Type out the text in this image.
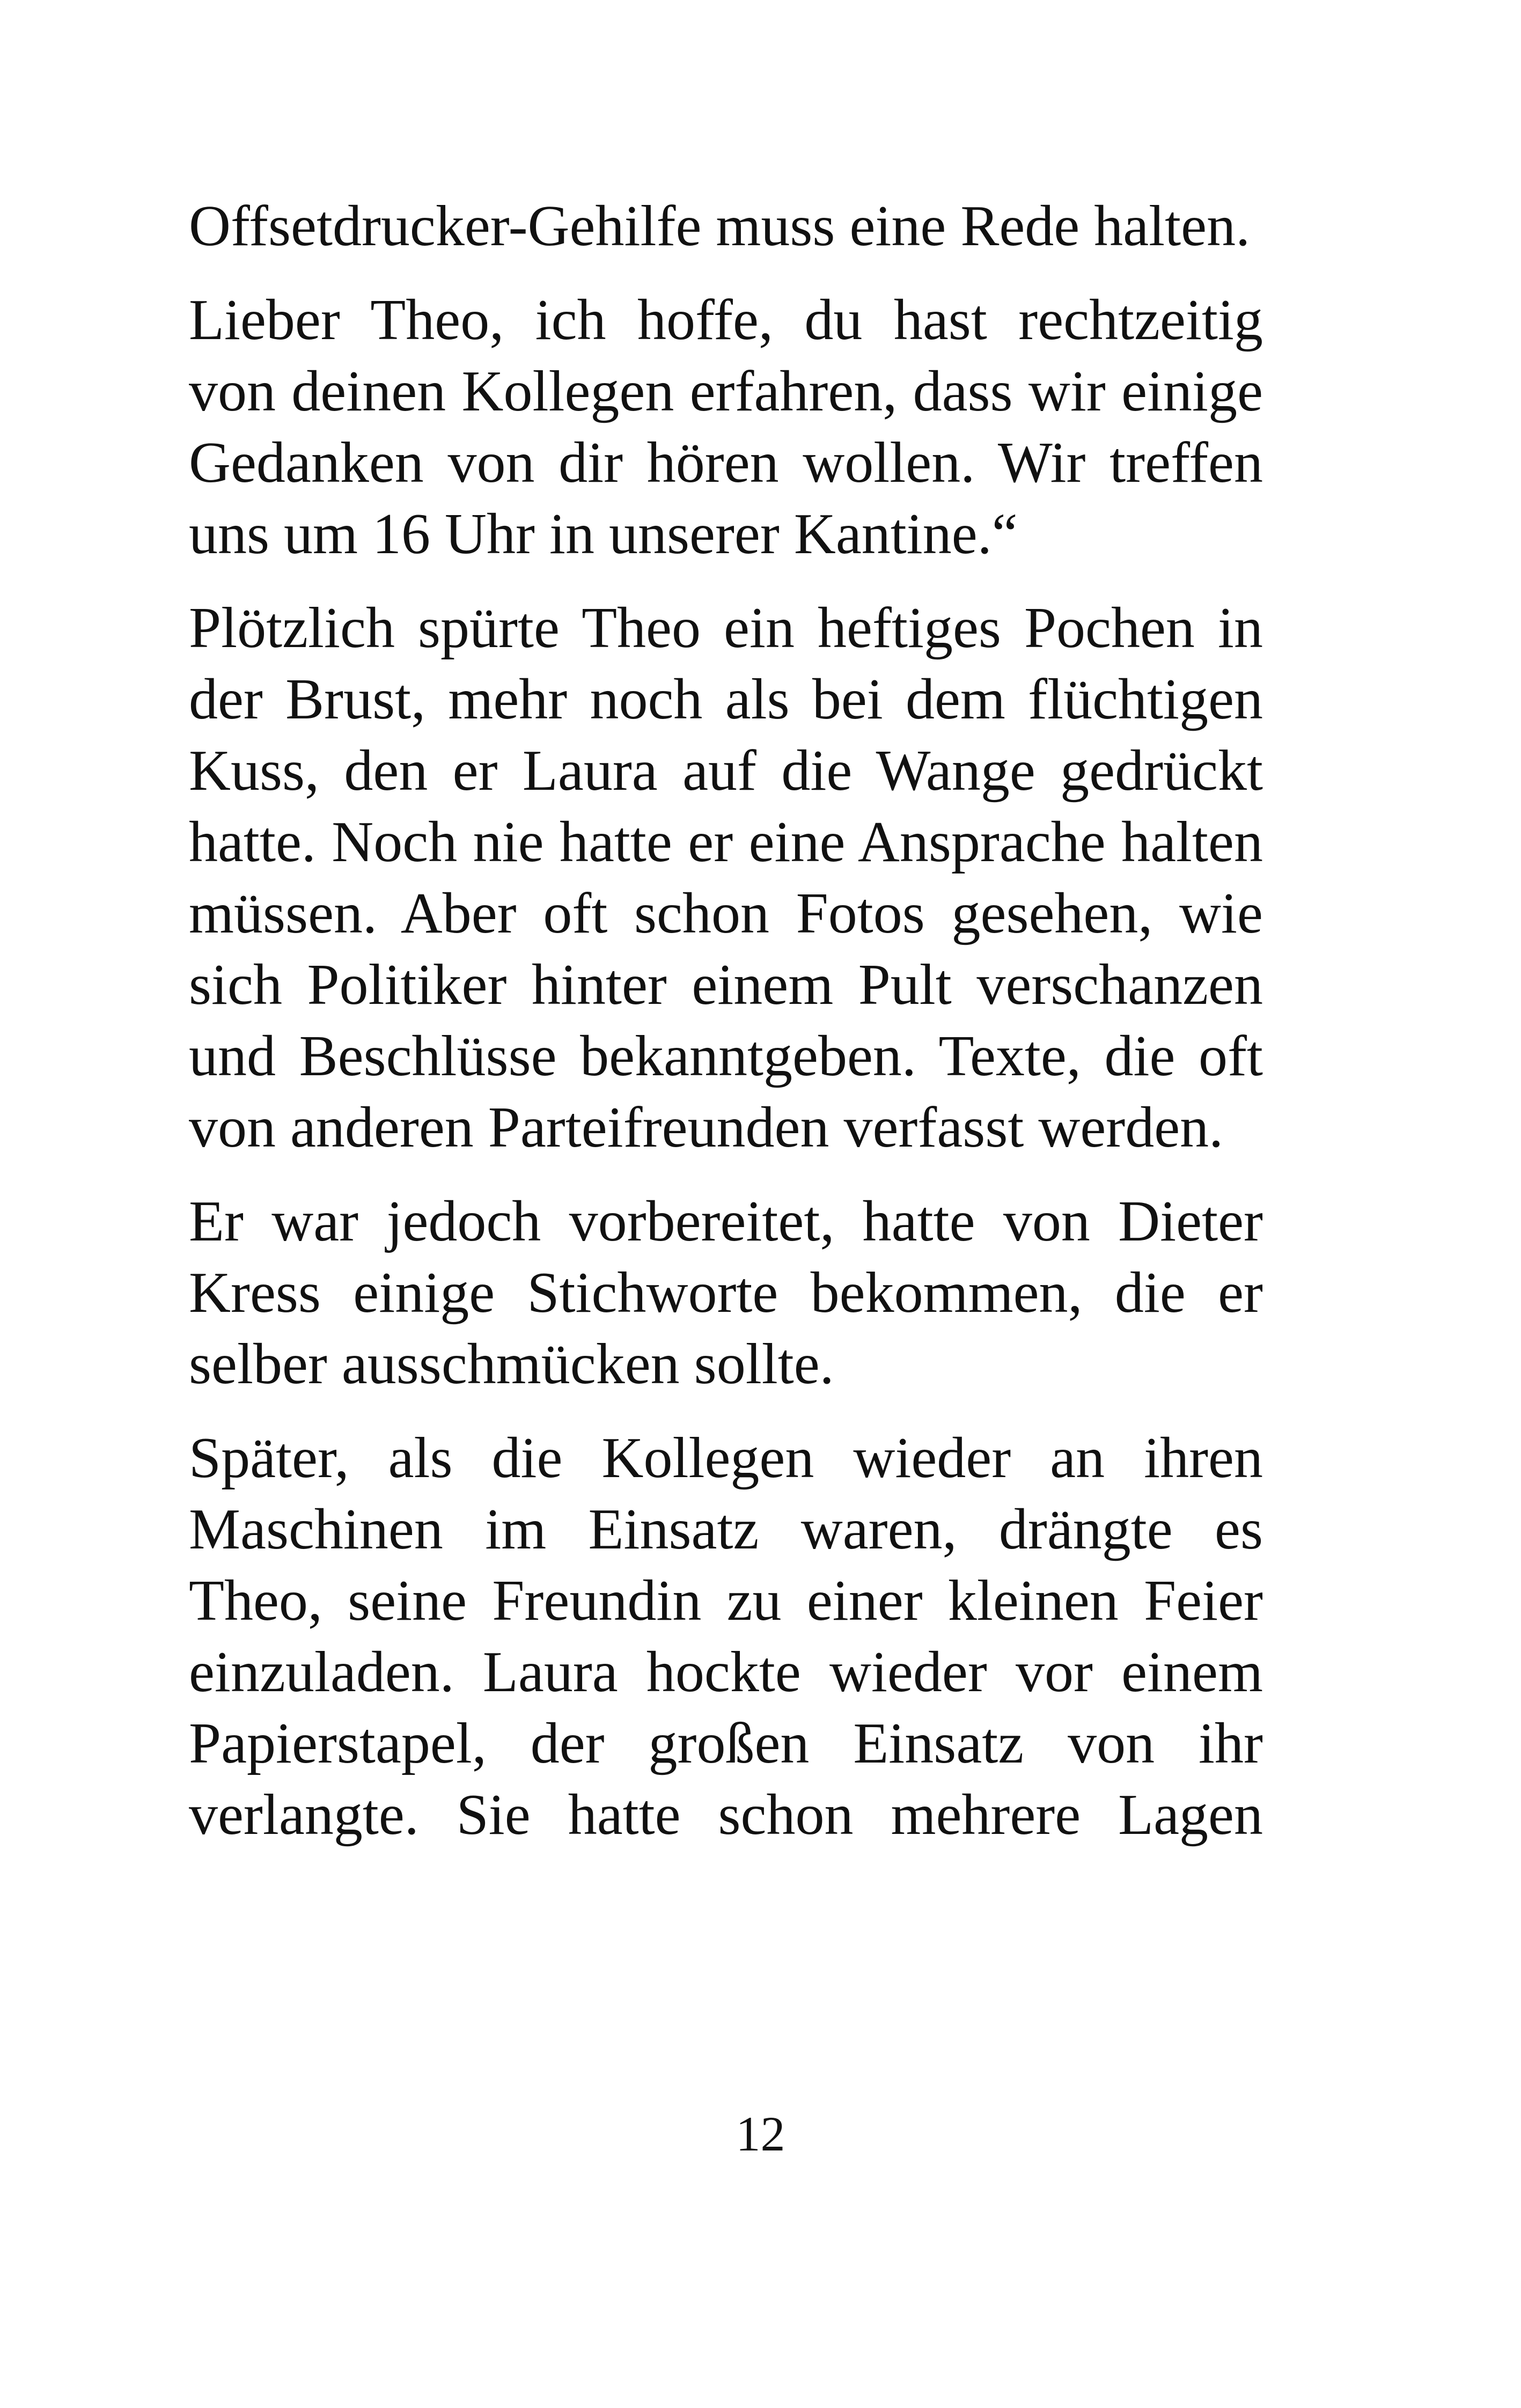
Offsetdrucker-Gehilfe muss eine Rede halten.

Lieber Theo, ich hoffe, du hast rechtzeitig von deinen Kollegen erfahren, dass wir einige Gedanken von dir hören wollen. Wir treffen uns um 16 Uhr in unserer Kantine.“

Plötzlich spürte Theo ein heftiges Pochen in der Brust, mehr noch als bei dem flüchtigen Kuss, den er Laura auf die Wange gedrückt hatte. Noch nie hatte er eine Ansprache halten müssen. Aber oft schon Fotos gesehen, wie sich Politiker hinter einem Pult verschanzen und Beschlüsse bekanntgeben. Texte, die oft von anderen Parteifreunden verfasst werden.

Er war jedoch vorbereitet, hatte von Dieter Kress einige Stichworte bekommen, die er selber ausschmücken sollte.

Später, als die Kollegen wieder an ihren Maschinen im Einsatz waren, drängte es Theo, seine Freundin zu einer kleinen Feier einzuladen. Laura hockte wieder vor einem Papierstapel, der großen Einsatz von ihr verlangte. Sie hatte schon mehrere Lagen

12
